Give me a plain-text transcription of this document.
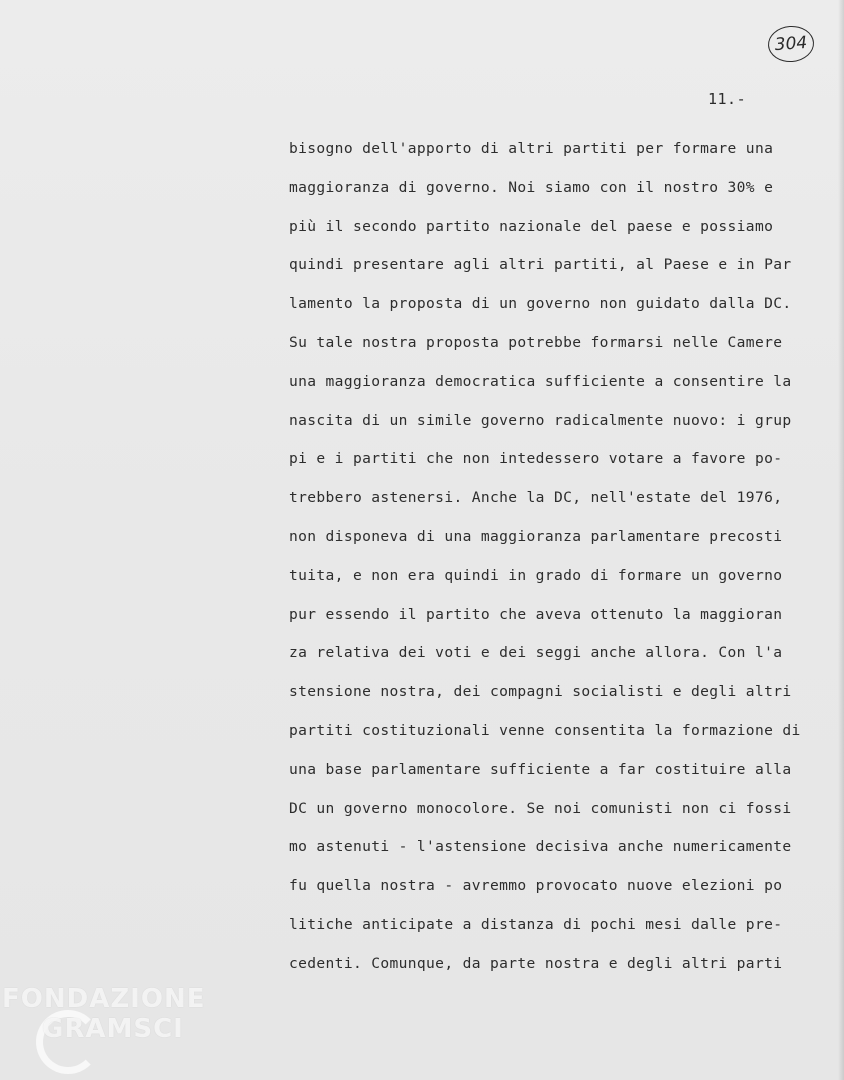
304
11.-
bisogno dell'apporto di altri partiti per formare una
maggioranza di governo. Noi siamo con il nostro 30% e
più il secondo partito nazionale del paese e possiamo
quindi presentare agli altri partiti, al Paese e in Par
lamento la proposta di un governo non guidato dalla DC.
Su tale nostra proposta potrebbe formarsi nelle Camere
una maggioranza democratica sufficiente a consentire la
nascita di un simile governo radicalmente nuovo: i grup
pi e i partiti che non intedessero votare a favore po-
trebbero astenersi. Anche la DC, nell'estate del 1976,
non disponeva di una maggioranza parlamentare precosti
tuita, e non era quindi in grado di formare un governo
pur essendo il partito che aveva ottenuto la maggioran
za relativa dei voti e dei seggi anche allora. Con l'a
stensione nostra, dei compagni socialisti e degli altri
partiti costituzionali venne consentita la formazione di
una base parlamentare sufficiente a far costituire alla
DC un governo monocolore. Se noi comunisti non ci fossi
mo astenuti - l'astensione decisiva anche numericamente
fu quella nostra - avremmo provocato nuove elezioni po
litiche anticipate a distanza di pochi mesi dalle pre-
cedenti. Comunque, da parte nostra e degli altri parti
FONDAZIONE
GRAMSCI
